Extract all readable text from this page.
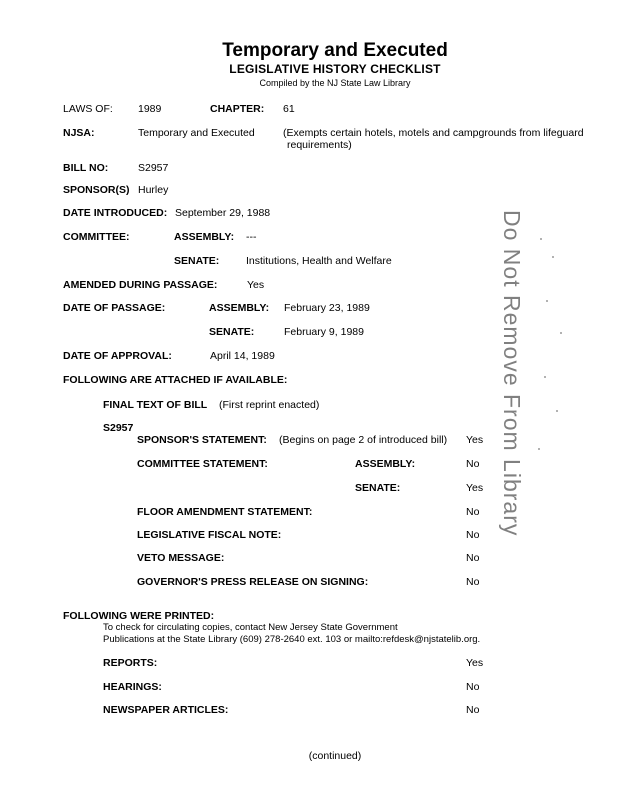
Temporary and Executed
LEGISLATIVE HISTORY CHECKLIST
Compiled by the NJ State Law Library
LAWS OF: 1989	CHAPTER: 61
NJSA:	Temporary and Executed	(Exempts certain hotels, motels and campgrounds from lifeguard
requirements)
BILL NO:	S2957
SPONSOR(S) Hurley
DATE INTRODUCED: September 29, 1988
COMMITTEE:	ASSEMBLY: ---
SENATE:	Institutions, Health and Welfare
AMENDED DURING PASSAGE:	Yes
DATE OF PASSAGE:	ASSEMBLY: February 23, 1989
SENATE:	February 9, 1989
DATE OF APPROVAL:	April 14, 1989
FOLLOWING ARE ATTACHED IF AVAILABLE:
FINAL TEXT OF BILL (First reprint enacted)
S2957
SPONSOR'S STATEMENT: (Begins on page 2 of introduced bill) Yes
COMMITTEE STATEMENT:	ASSEMBLY:	No
SENATE:	Yes
FLOOR AMENDMENT STATEMENT:	No
LEGISLATIVE FISCAL NOTE:	No
VETO MESSAGE:	No
GOVERNOR'S PRESS RELEASE ON SIGNING:	No
FOLLOWING WERE PRINTED:
To check for circulating copies, contact New Jersey State Government
Publications at the State Library (609) 278-2640 ext. 103 or mailto:refdesk@njstatelib.org.
REPORTS:	Yes
HEARINGS:	No
NEWSPAPER ARTICLES:	No
(continued)
Do Not Remove From Library
